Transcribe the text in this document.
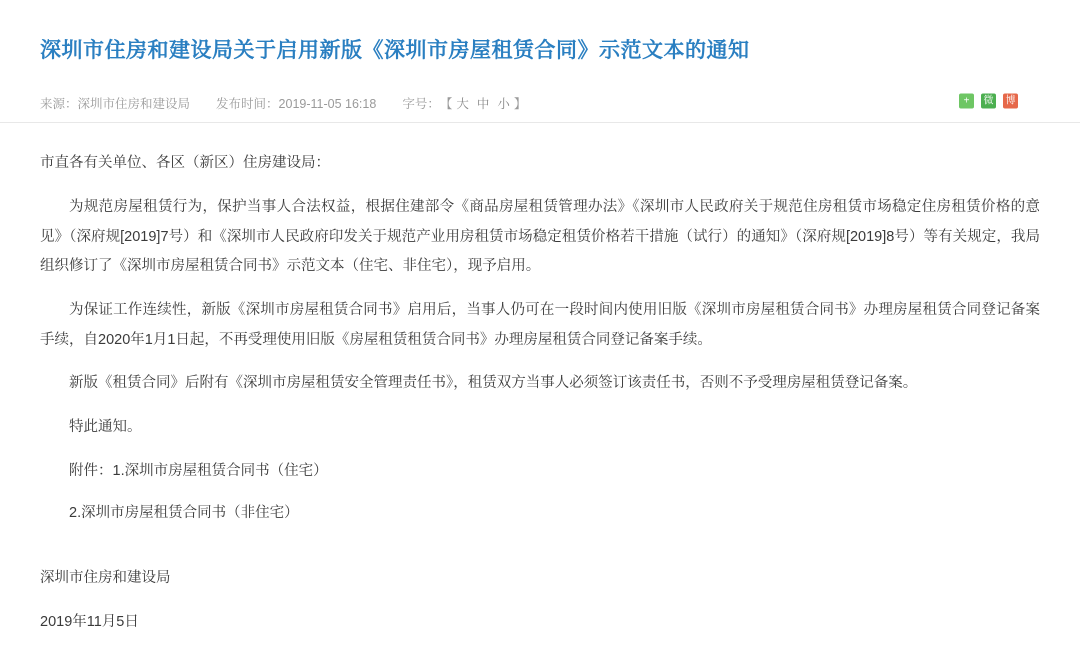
深圳市住房和建设局关于启用新版《深圳市房屋租赁合同》示范文本的通知
来源：深圳市住房和建设局 发布时间：2019-11-05 16:18 字号： 【 大 中 小 】	+	微 博	★

市直各有关单位、各区（新区）住房建设局：

为规范房屋租赁行为，保护当事人合法权益，根据住建部令《商品房屋租赁管理办法》《深圳市人民政府关于规范住房租赁市场稳定住房租赁价格的意见》（深府规[2019]7号）和《深圳市人民政府印发关于规范产业用房租赁市场稳定租赁价格若干措施（试行）的通知》（深府规[2019]8号）等有关规定，我局组织修订了《深圳市房屋租赁合同书》示范文本（住宅、非住宅），现予启用。

为保证工作连续性，新版《深圳市房屋租赁合同书》启用后，当事人仍可在一段时间内使用旧版《深圳市房屋租赁合同书》办理房屋租赁合同登记备案手续，自2020年1月1日起，不再受理使用旧版《房屋租赁租赁合同书》办理房屋租赁合同登记备案手续。

新版《租赁合同》后附有《深圳市房屋租赁安全管理责任书》，租赁双方当事人必须签订该责任书，否则不予受理房屋租赁登记备案。

特此通知。

附件：1.深圳市房屋租赁合同书（住宅）

2.深圳市房屋租赁合同书（非住宅）

深圳市住房和建设局

2019年11月5日
